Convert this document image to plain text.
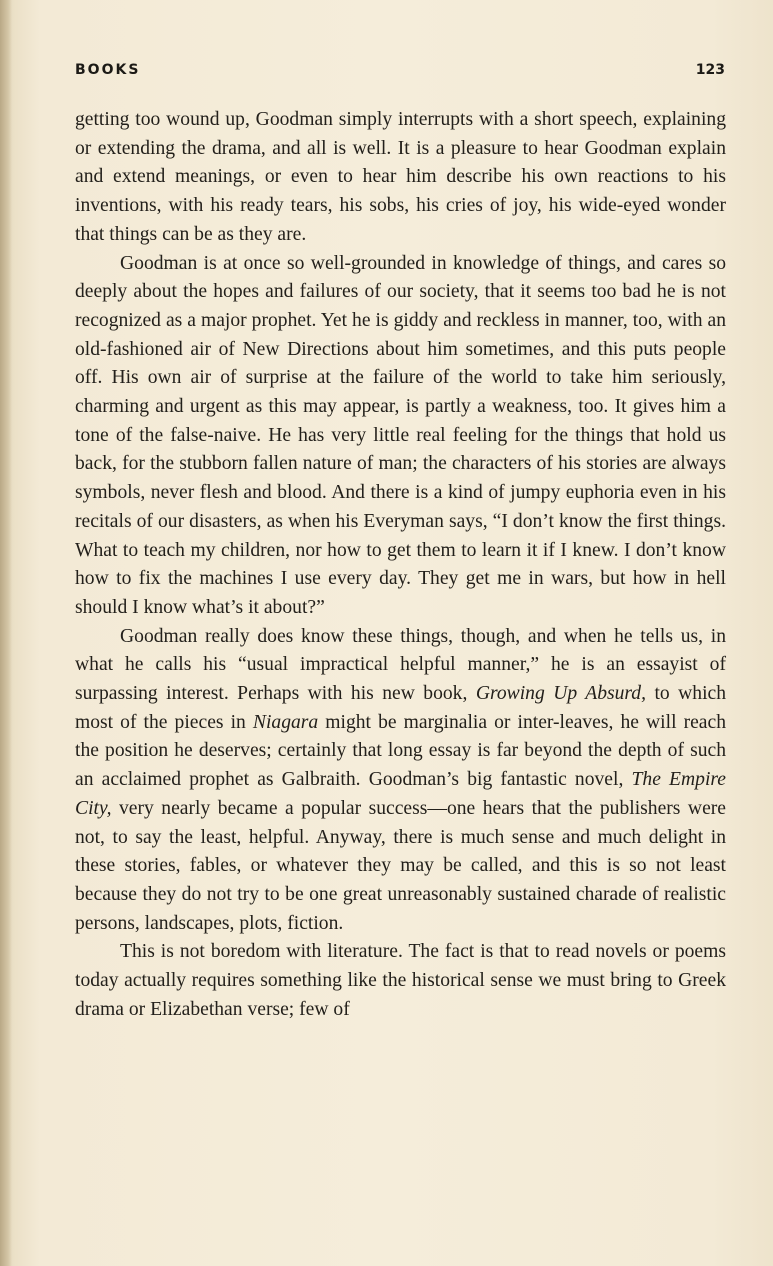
BOOKS	123

getting too wound up, Goodman simply interrupts with a short speech, explaining or extending the drama, and all is well. It is a pleasure to hear Goodman explain and extend meanings, or even to hear him describe his own reactions to his inventions, with his ready tears, his sobs, his cries of joy, his wide-eyed wonder that things can be as they are.

Goodman is at once so well-grounded in knowledge of things, and cares so deeply about the hopes and failures of our society, that it seems too bad he is not recognized as a major prophet. Yet he is giddy and reckless in manner, too, with an old-fashioned air of New Directions about him sometimes, and this puts people off. His own air of surprise at the failure of the world to take him seriously, charming and urgent as this may appear, is partly a weakness, too. It gives him a tone of the false-naive. He has very little real feeling for the things that hold us back, for the stubborn fallen nature of man; the characters of his stories are always symbols, never flesh and blood. And there is a kind of jumpy euphoria even in his recitals of our disasters, as when his Everyman says, “I don’t know the first things. What to teach my children, nor how to get them to learn it if I knew. I don’t know how to fix the machines I use every day. They get me in wars, but how in hell should I know what’s it about?”

Goodman really does know these things, though, and when he tells us, in what he calls his “usual impractical helpful manner,” he is an essayist of surpassing interest. Perhaps with his new book, Growing Up Absurd, to which most of the pieces in Niagara might be marginalia or inter-leaves, he will reach the position he deserves; certainly that long essay is far beyond the depth of such an acclaimed prophet as Galbraith. Goodman’s big fantastic novel, The Empire City, very nearly became a popular success—one hears that the publishers were not, to say the least, helpful. Anyway, there is much sense and much delight in these stories, fables, or whatever they may be called, and this is so not least because they do not try to be one great unreasonably sustained charade of realistic persons, landscapes, plots, fiction.

This is not boredom with literature. The fact is that to read novels or poems today actually requires something like the historical sense we must bring to Greek drama or Elizabethan verse; few of
